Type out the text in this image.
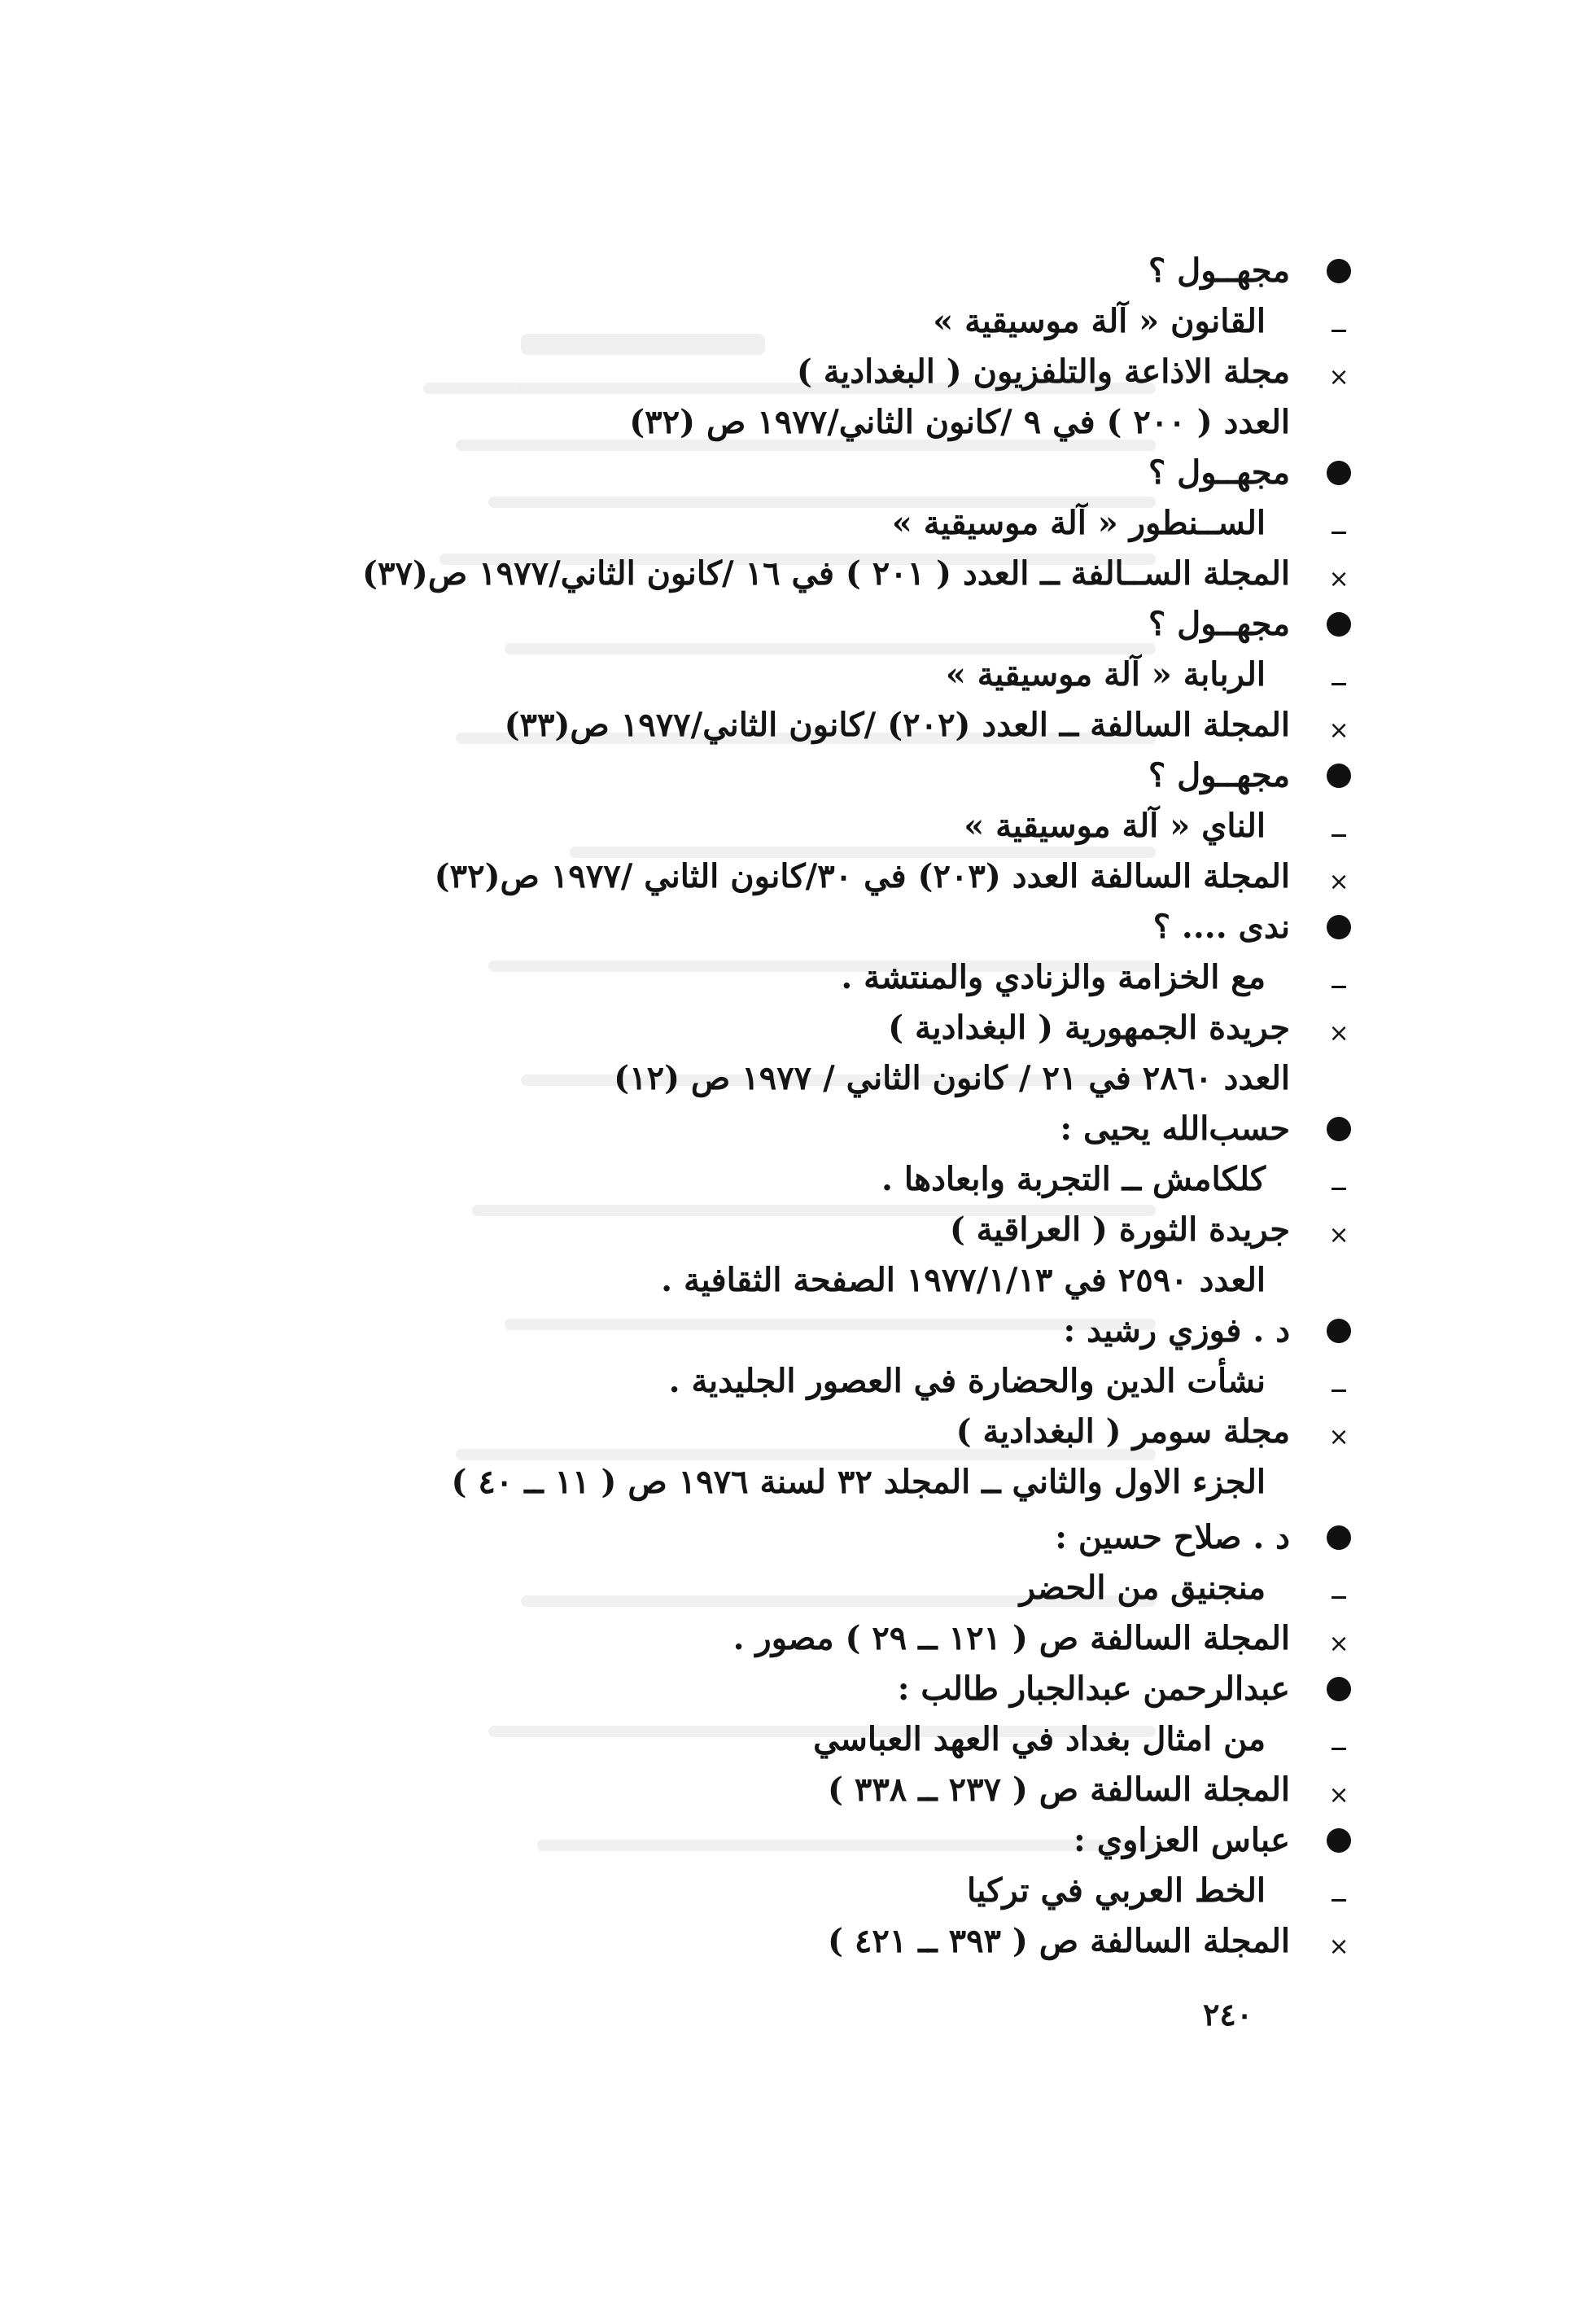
مجهــول ؟
القانون « آلة موسيقية »
×
مجلة الاذاعة والتلفزيون ( البغدادية )
العدد ( ٢٠٠ ) في ٩ /كانون الثاني/١٩٧٧ ص (٣٢)
مجهــول ؟
الســنطور « آلة موسيقية »
×
المجلة الســالفة ــ العدد ( ٢٠١ ) في ١٦ /كانون الثاني/١٩٧٧ ص(٣٧)
مجهــول ؟
الربابة « آلة موسيقية »
×
المجلة السالفة ــ العدد (٢٠٢) /كانون الثاني/١٩٧٧ ص(٣٣)
مجهــول ؟
الناي « آلة موسيقية »
×
المجلة السالفة العدد (٢٠٣) في ٣٠/كانون الثاني /١٩٧٧ ص(٣٢)
ندى .... ؟
مع الخزامة والزنادي والمنتشة .
×
جريدة الجمهورية ( البغدادية )
العدد ٢٨٦٠ في ٢١ / كانون الثاني / ١٩٧٧ ص (١٢)
حسب‌الله يحيى :
كلكامش ــ التجربة وابعادها .
×
جريدة الثورة ( العراقية )
العدد ٢٥٩٠ في ١٩٧٧/١/١٣ الصفحة الثقافية .
د . فوزي رشيد :
نشأت الدين والحضارة في العصور الجليدية .
×
مجلة سومر ( البغدادية )
الجزء الاول والثاني ــ المجلد ٣٢ لسنة ١٩٧٦ ص ( ١١ ــ ٤٠ )
د . صلاح حسين :
منجنيق من الحضر
×
المجلة السالفة ص ( ١٢١ ــ ٢٩ ) مصور .
عبدالرحمن عبدالجبار طالب :
من امثال بغداد في العهد العباسي
×
المجلة السالفة ص ( ٢٣٧ ــ ٣٣٨ )
عباس العزاوي :
الخط العربي في تركيا
×
المجلة السالفة ص ( ٣٩٣ ــ ٤٢١ )
٢٤٠
